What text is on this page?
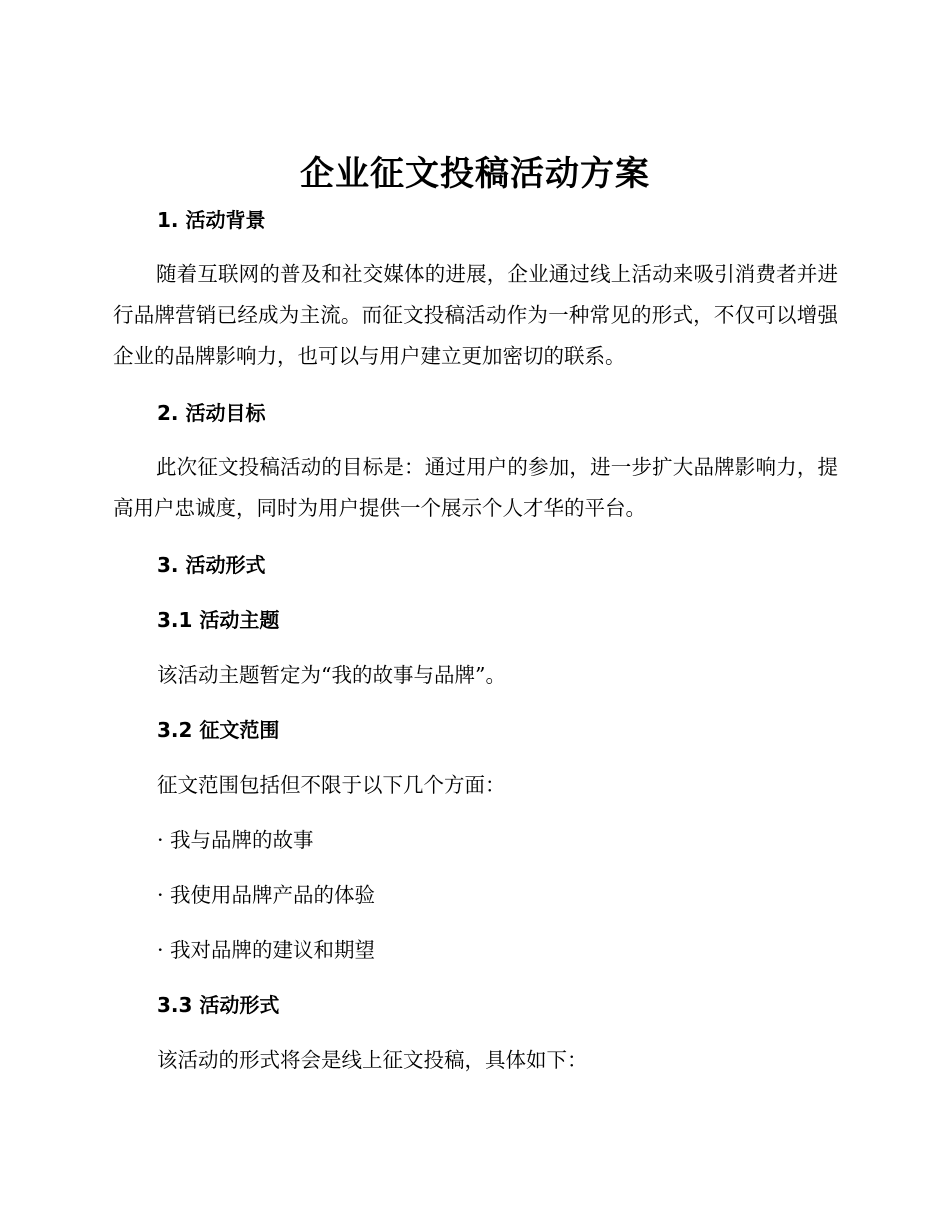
企业征文投稿活动方案
1. 活动背景

随着互联网的普及和社交媒体的进展，企业通过线上活动来吸引消费者并进行品牌营销已经成为主流。而征文投稿活动作为一种常见的形式，不仅可以增强企业的品牌影响力，也可以与用户建立更加密切的联系。

2. 活动目标

此次征文投稿活动的目标是：通过用户的参加，进一步扩大品牌影响力，提高用户忠诚度，同时为用户提供一个展示个人才华的平台。

3. 活动形式
3.1 活动主题

该活动主题暂定为“我的故事与品牌”。

3.2 征文范围

征文范围包括但不限于以下几个方面：

· 我与品牌的故事

· 我使用品牌产品的体验

· 我对品牌的建议和期望

3.3 活动形式

该活动的形式将会是线上征文投稿，具体如下：
